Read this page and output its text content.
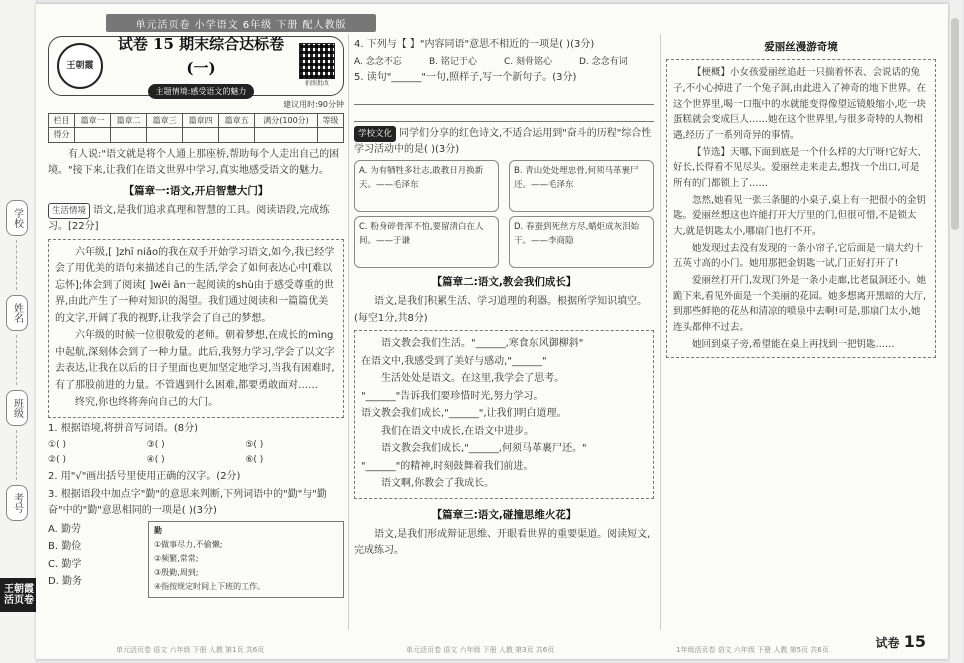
学校
姓名
班级
考号
王朝霞
活页卷
单元活页卷 小学语文 6年级 下册 配人教版
王朝霞
试卷 15 期末综合达标卷(一)
主题情境:感受语文的魅力
拍照批改
建议用时:90分钟
栏目	篇章一	篇章二	篇章三	篇章四	篇章五	满分(100分)	等级
得分							

有人说:"语文就是将个人通上那座桥,帮助每个人走出自己的困境。"接下来,让我们在语文世界中学习,真实地感受语文的魅力。

【篇章一:语文,开启智慧大门】

生活情境 语文,是我们追求真理和智慧的工具。阅读语段,完成练习。[22分]

六年级,[ ]zhī niǎo的我在双手开始学习语文,如今,我已经学会了用优美的语句来描述自己的生活,学会了如何表达心中[难以忘怀];体会到了阅读[ ]wěi ān一起阅读的shù由于感受尊重的世界,由此产生了一种对知识的渴望。我们通过阅读和一篇篇优美的文字,开阔了我的视野,让我学会了自己的梦想。

六年级的时候一位很敬爱的老师。朝着梦想,在成长的mìng中起航,深刻体会到了一种力量。此后,我努力学习,学会了以文字去表达,让我在以后的日子里面也更加坚定地学习,当我有困难时,有了那股前进的力量。不管遇到什么困难,都要勇敢面对……

终究,你也终将奔向自己的大门。

1. 根据语境,将拼音写词语。(8分)

①( )	③( )	⑤( )
②( )	④( )	⑥( )

2. 用"√"画出括号里使用正确的汉字。(2分)

3. 根据语段中加点字"勤"的意思来判断,下列词语中的"勤"与"勤奋"中的"勤"意思相同的一项是( )(3分)

A. 勤劳

B. 勤俭

C. 勤学

D. 勤务

勤

①做事尽力,不偷懒;

②频繁,常常;

③殷勤,周到;

④指按规定时间上下班的工作。

4. 下列与【 】"内容同语"意思不相近的一项是( )(3分)

A. 念念不忘	B. 铭记于心	C. 刻骨铭心	D. 念念有词

5. 读句"______"一句,照样子,写一个新句子。(3分)

学校文化 同学们分享的红色诗文,不适合运用到"奋斗的历程"综合性学习活动中的是( )(3分)

A. 为有牺牲多壮志,敢教日月换新天。——毛泽东
B. 青山处处埋忠骨,何须马革裹尸还。——毛泽东
C. 粉身碎骨浑不怕,要留清白在人间。——于谦
D. 春蚕到死丝方尽,蜡炬成灰泪始干。——李商隐
【篇章二:语文,教会我们成长】

语文,是我们积累生活、学习道理的利器。根据所学知识填空。(每空1分,共8分)

语文教会我们生活。"______,寒食东风御柳斜"

在语文中,我感受到了美好与感动,"______"

生活处处是语文。在这里,我学会了思考。

"______"告诉我们要珍惜时光,努力学习。

语文教会我们成长,"______",让我们明白道理。

我们在语文中成长,在语文中进步。

语文教会我们成长,"______,何须马革裹尸还。"

"______"的精神,时刻鼓舞着我们前进。

语文啊,你教会了我成长。

【篇章三:语文,碰撞思维火花】

语文,是我们形成辩证思维、开眼看世界的重要渠道。阅读短文,完成练习。

爱丽丝漫游奇境

【梗概】小女孩爱丽丝追赶一只揣着怀表、会说话的兔子,不小心掉进了一个兔子洞,由此进入了神奇的地下世界。在这个世界里,喝一口瓶中的水就能变得像望远镜般缩小,吃一块蛋糕就会变成巨人……她在这个世界里,与很多奇特的人物相遇,经历了一系列奇异的事情。

【节选】天哪,下面到底是一个什么样的大厅呀!它好大、好长,长得看不见尽头。爱丽丝走来走去,想找一个出口,可是所有的门都锁上了……

忽然,她看见一张三条腿的小桌子,桌上有一把很小的金钥匙。爱丽丝想这也许能打开大厅里的门,但很可惜,不是锁太大,就是钥匙太小,哪扇门也打不开。

她发现过去没有发现的一条小帘子,它后面是一扇大约十五英寸高的小门。她用那把金钥匙一试,门正好打开了!

爱丽丝打开门,发现门外是一条小走廊,比老鼠洞还小。她跪下来,看见外面是一个美丽的花园。她多想离开黑暗的大厅,到那些鲜艳的花丛和清凉的喷泉中去啊!可是,那扇门太小,她连头都伸不过去。

她回到桌子旁,希望能在桌上再找到一把钥匙……

单元活页卷 语文 六年级 下册 人教 第1页 共6页	单元活页卷 语文 六年级 下册 人教 第3页 共6页	1年级活页卷 语文 六年级 下册 人教 第5页 共6页	试卷 15
